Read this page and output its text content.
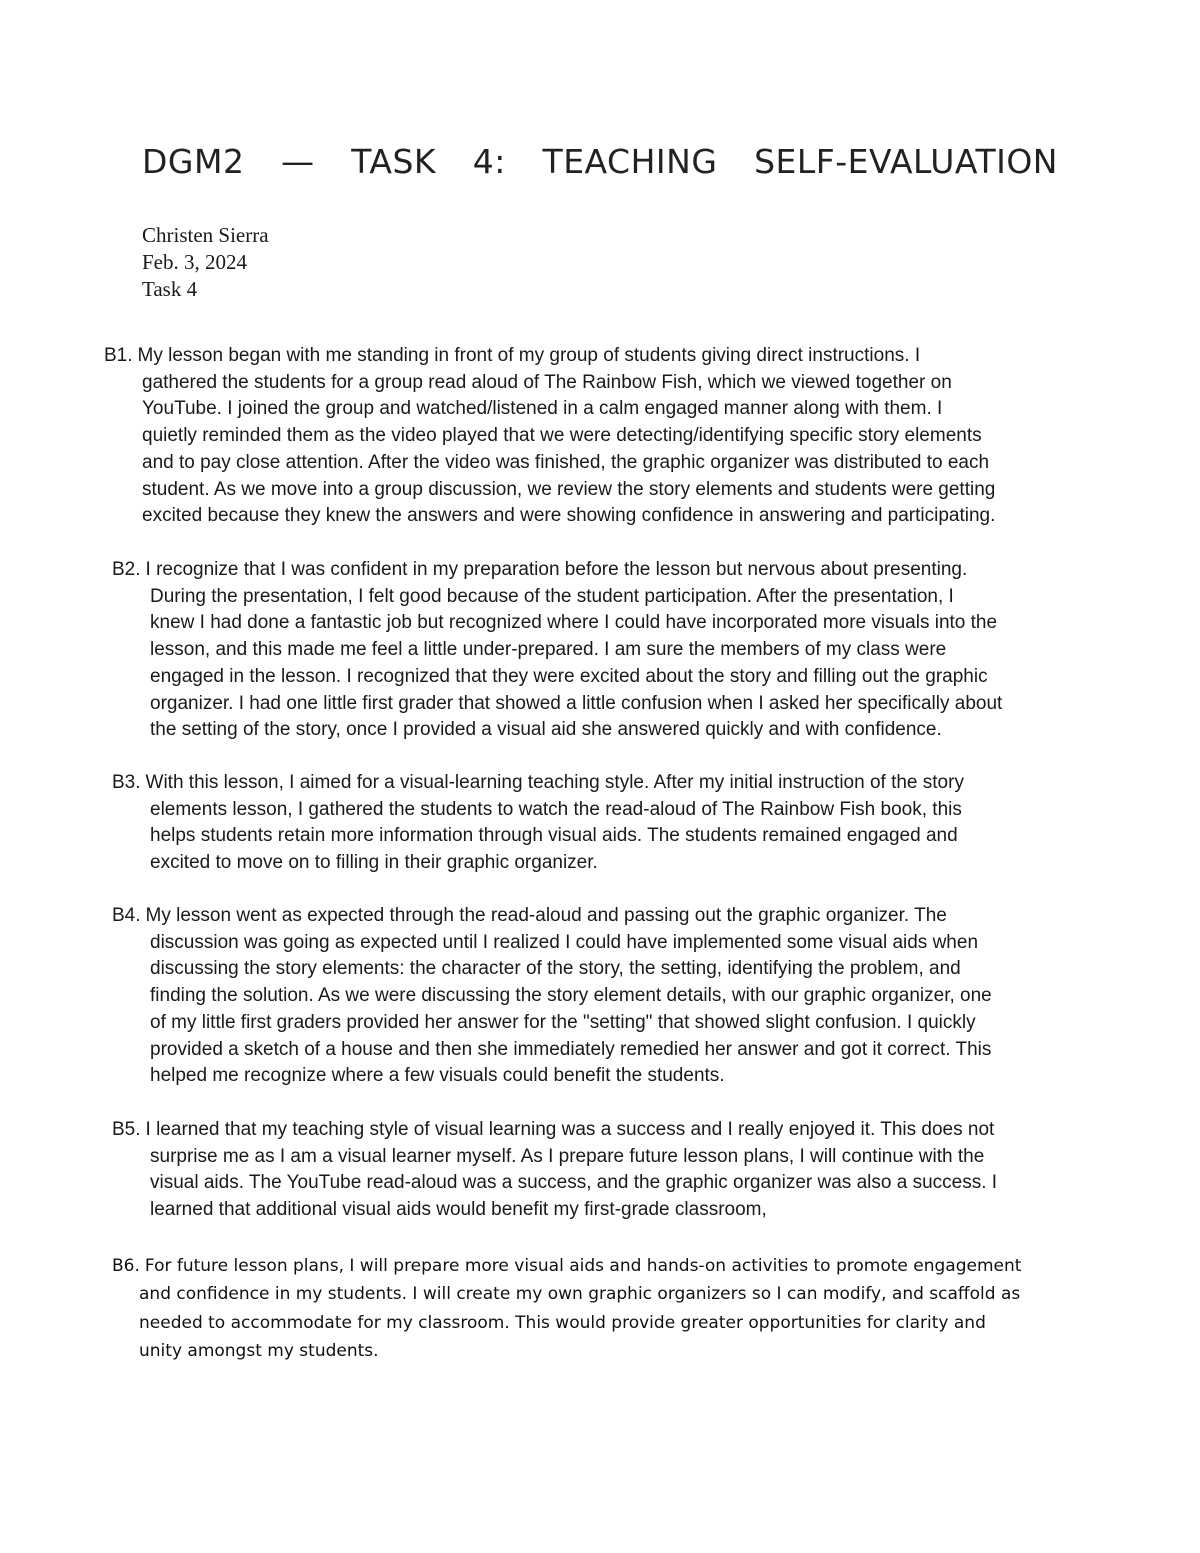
DGM2 — TASK 4: TEACHING SELF-EVALUATION
Christen Sierra
Feb. 3, 2024
Task 4

B1. My lesson began with me standing in front of my group of students giving direct instructions. I
gathered the students for a group read aloud of The Rainbow Fish, which we viewed together on
YouTube. I joined the group and watched/listened in a calm engaged manner along with them. I
quietly reminded them as the video played that we were detecting/identifying specific story elements
and to pay close attention. After the video was finished, the graphic organizer was distributed to each
student. As we move into a group discussion, we review the story elements and students were getting
excited because they knew the answers and were showing confidence in answering and participating.

B2. I recognize that I was confident in my preparation before the lesson but nervous about presenting.
During the presentation, I felt good because of the student participation. After the presentation, I
knew I had done a fantastic job but recognized where I could have incorporated more visuals into the
lesson, and this made me feel a little under-prepared. I am sure the members of my class were
engaged in the lesson. I recognized that they were excited about the story and filling out the graphic
organizer. I had one little first grader that showed a little confusion when I asked her specifically about
the setting of the story, once I provided a visual aid she answered quickly and with confidence.

B3. With this lesson, I aimed for a visual-learning teaching style. After my initial instruction of the story
elements lesson, I gathered the students to watch the read-aloud of The Rainbow Fish book, this
helps students retain more information through visual aids. The students remained engaged and
excited to move on to filling in their graphic organizer.

B4. My lesson went as expected through the read-aloud and passing out the graphic organizer. The
discussion was going as expected until I realized I could have implemented some visual aids when
discussing the story elements: the character of the story, the setting, identifying the problem, and
finding the solution. As we were discussing the story element details, with our graphic organizer, one
of my little first graders provided her answer for the "setting" that showed slight confusion. I quickly
provided a sketch of a house and then she immediately remedied her answer and got it correct. This
helped me recognize where a few visuals could benefit the students.

B5. I learned that my teaching style of visual learning was a success and I really enjoyed it. This does not
surprise me as I am a visual learner myself. As I prepare future lesson plans, I will continue with the
visual aids. The YouTube read-aloud was a success, and the graphic organizer was also a success. I
learned that additional visual aids would benefit my first-grade classroom,

B6. For future lesson plans, I will prepare more visual aids and hands-on activities to promote engagement
and confidence in my students. I will create my own graphic organizers so I can modify, and scaffold as
needed to accommodate for my classroom. This would provide greater opportunities for clarity and
unity amongst my students.
